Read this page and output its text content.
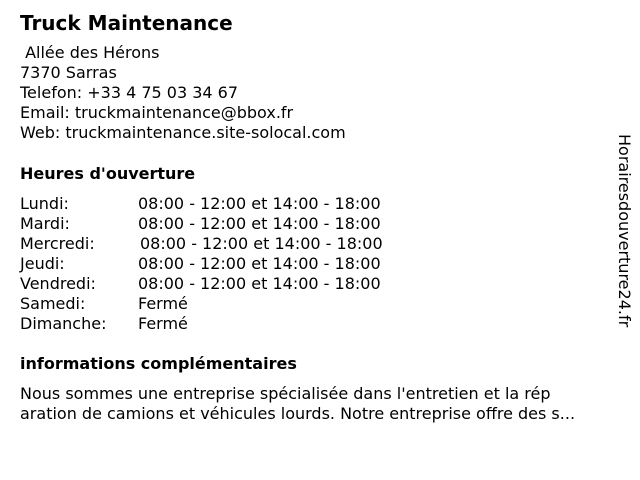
Truck Maintenance
Allée des Hérons
7370 Sarras
Telefon: +33 4 75 03 34 67
Email: truckmaintenance@bbox.fr
Web: truckmaintenance.site-solocal.com
Heures d'ouverture
Lundi:	08:00 - 12:00 et 14:00 - 18:00
Mardi:	08:00 - 12:00 et 14:00 - 18:00
Mercredi:	08:00 - 12:00 et 14:00 - 18:00
Jeudi:	08:00 - 12:00 et 14:00 - 18:00
Vendredi:	08:00 - 12:00 et 14:00 - 18:00
Samedi:	Fermé
Dimanche: Fermé
informations complémentaires
Nous sommes une entreprise spécialisée dans l'entretien et la rép
aration de camions et véhicules lourds. Notre entreprise offre des s...
Horairesdouverture24.fr
